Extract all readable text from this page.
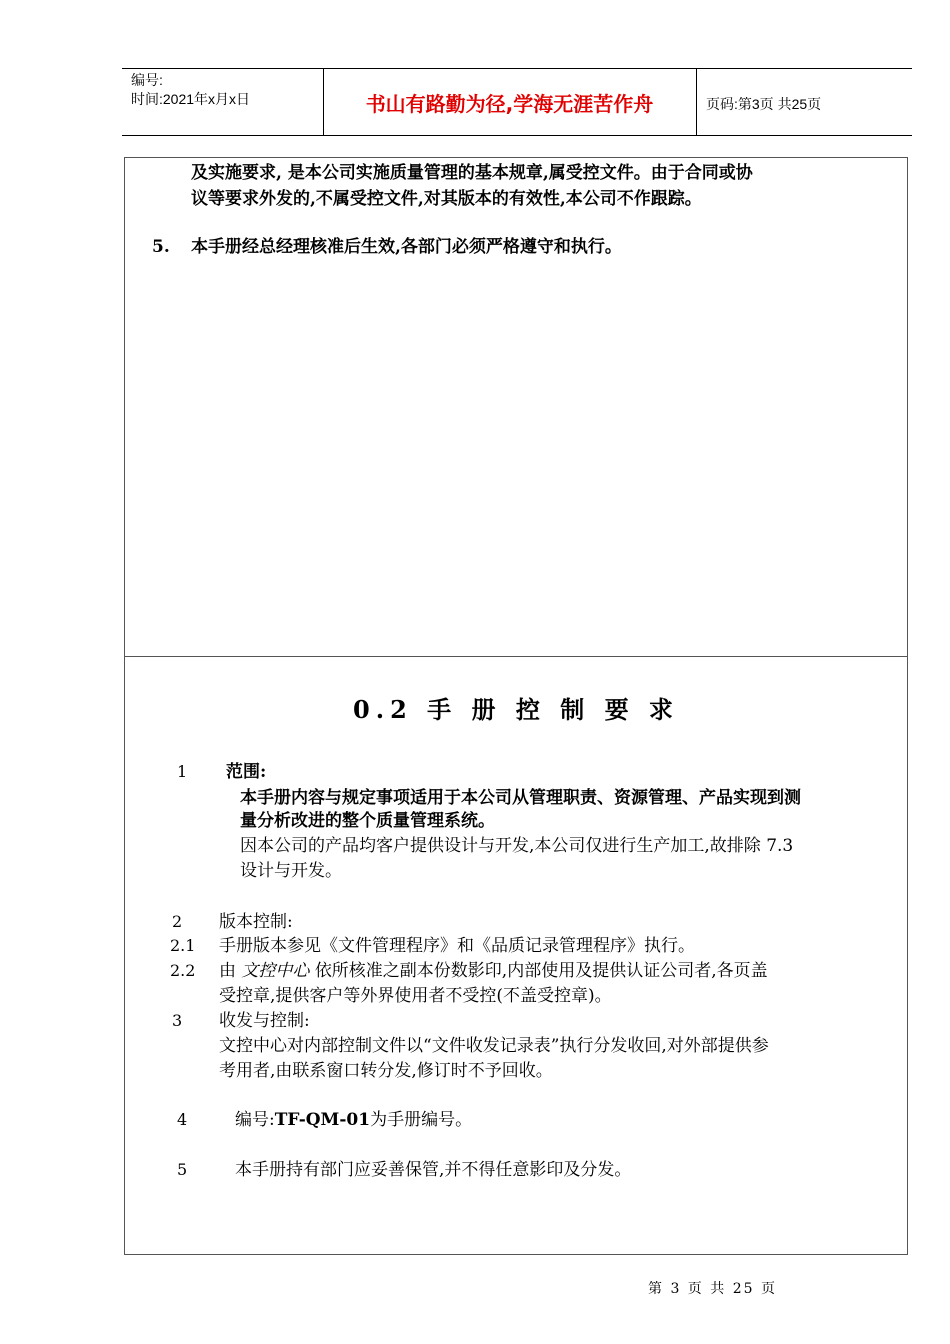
编号:
时间:2021年x月x日	书山有路勤为径,学海无涯苦作舟	页码:第3页 共25页
及实施要求, 是本公司实施质量管理的基本规章,属受控文件。由于合同或协
议等要求外发的,不属受控文件,对其版本的有效性,本公司不作跟踪。
5. 本手册经总经理核准后生效,各部门必须严格遵守和执行。
0.2 手 册 控 制 要 求
1 范围:
本手册内容与规定事项适用于本公司从管理职责、资源管理、产品实现到测
量分析改进的整个质量管理系统。
因本公司的产品均客户提供设计与开发,本公司仅进行生产加工,故排除 7.3
设计与开发。
2 版本控制:
2.1 手册版本参见《文件管理程序》和《品质记录管理程序》执行。
2.2 由 文控中心 依所核准之副本份数影印,内部使用及提供认证公司者,各页盖
受控章,提供客户等外界使用者不受控(不盖受控章)。
3 收发与控制:
文控中心对内部控制文件以“文件收发记录表”执行分发收回,对外部提供参
考用者,由联系窗口转分发,修订时不予回收。
4	编号:TF-QM-01为手册编号。
5	本手册持有部门应妥善保管,并不得任意影印及分发。
第 3 页 共 25 页
